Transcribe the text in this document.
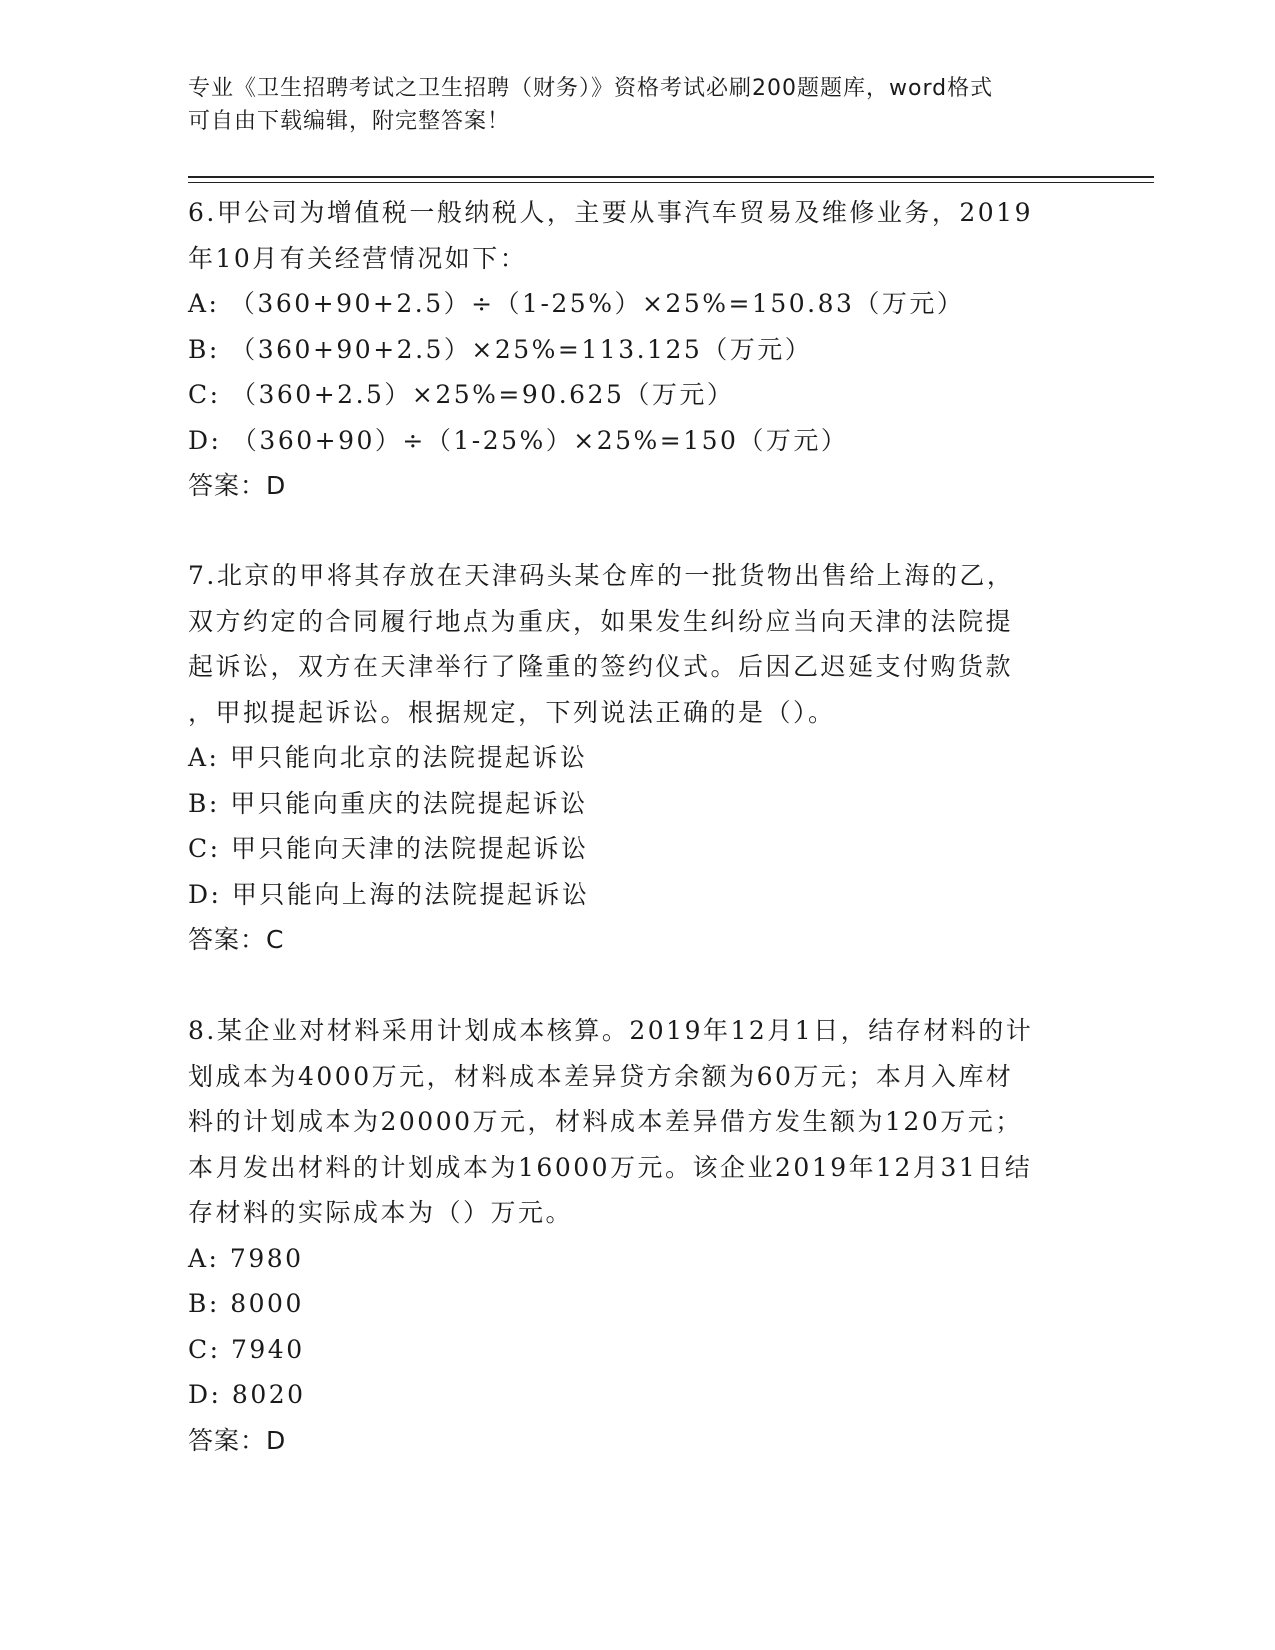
专业《卫生招聘考试之卫生招聘（财务）》资格考试必刷200题题库，word格式
可自由下载编辑，附完整答案！
6.甲公司为增值税一般纳税人，主要从事汽车贸易及维修业务，2019
年10月有关经营情况如下：
A: （360+90+2.5）÷（1-25%）×25%=150.83（万元）
B: （360+90+2.5）×25%=113.125（万元）
C: （360+2.5）×25%=90.625（万元）
D: （360+90）÷（1-25%）×25%=150（万元）
答案：D
7.北京的甲将其存放在天津码头某仓库的一批货物出售给上海的乙，
双方约定的合同履行地点为重庆，如果发生纠纷应当向天津的法院提
起诉讼，双方在天津举行了隆重的签约仪式。后因乙迟延支付购货款
，甲拟提起诉讼。根据规定，下列说法正确的是（）。
A: 甲只能向北京的法院提起诉讼
B: 甲只能向重庆的法院提起诉讼
C: 甲只能向天津的法院提起诉讼
D: 甲只能向上海的法院提起诉讼
答案：C
8.某企业对材料采用计划成本核算。2019年12月1日，结存材料的计
划成本为4000万元，材料成本差异贷方余额为60万元；本月入库材
料的计划成本为20000万元，材料成本差异借方发生额为120万元；
本月发出材料的计划成本为16000万元。该企业2019年12月31日结
存材料的实际成本为（）万元。
A: 7980
B: 8000
C: 7940
D: 8020
答案：D
